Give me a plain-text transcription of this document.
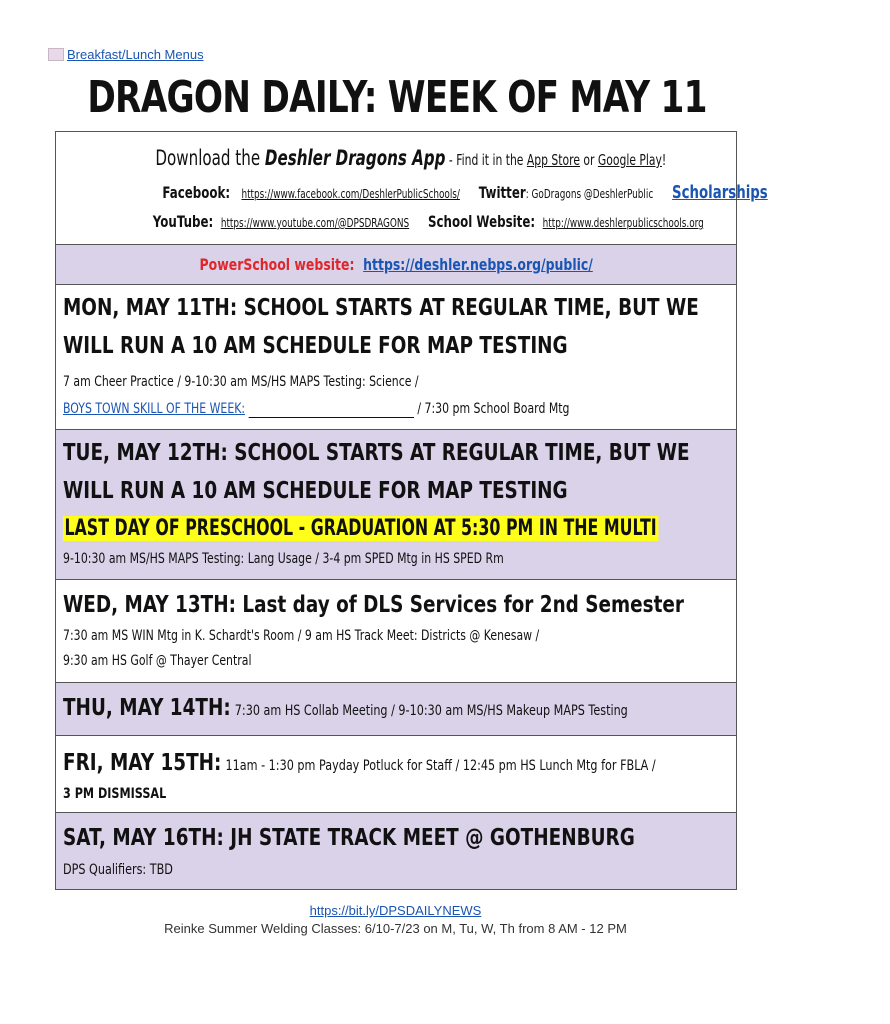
Breakfast/Lunch Menus
DRAGON DAILY: WEEK OF MAY 11
Download the Deshler Dragons App - Find it in the App Store or Google Play!
Facebook: https://www.facebook.com/DeshlerPublicSchools/ Twitter: GoDragons @DeshlerPublic Scholarships
YouTube: https://www.youtube.com/@DPSDRAGONS School Website: http://www.deshlerpublicschools.org
PowerSchool website: https://deshler.nebps.org/public/
MON, MAY 11TH: SCHOOL STARTS AT REGULAR TIME, BUT WE
WILL RUN A 10 AM SCHEDULE FOR MAP TESTING
7 am Cheer Practice / 9-10:30 am MS/HS MAPS Testing: Science /
BOYS TOWN SKILL OF THE WEEK:	/ 7:30 pm School Board Mtg
TUE, MAY 12TH: SCHOOL STARTS AT REGULAR TIME, BUT WE
WILL RUN A 10 AM SCHEDULE FOR MAP TESTING
LAST DAY OF PRESCHOOL - GRADUATION AT 5:30 PM IN THE MULTI
9-10:30 am MS/HS MAPS Testing: Lang Usage / 3-4 pm SPED Mtg in HS SPED Rm
WED, MAY 13TH: Last day of DLS Services for 2nd Semester
7:30 am MS WIN Mtg in K. Schardt's Room / 9 am HS Track Meet: Districts @ Kenesaw /
9:30 am HS Golf @ Thayer Central
THU, MAY 14TH: 7:30 am HS Collab Meeting / 9-10:30 am MS/HS Makeup MAPS Testing
FRI, MAY 15TH: 11am - 1:30 pm Payday Potluck for Staff / 12:45 pm HS Lunch Mtg for FBLA /
3 PM DISMISSAL
SAT, MAY 16TH: JH STATE TRACK MEET @ GOTHENBURG
DPS Qualifiers: TBD
https://bit.ly/DPSDAILYNEWS
Reinke Summer Welding Classes: 6/10-7/23 on M, Tu, W, Th from 8 AM - 12 PM
